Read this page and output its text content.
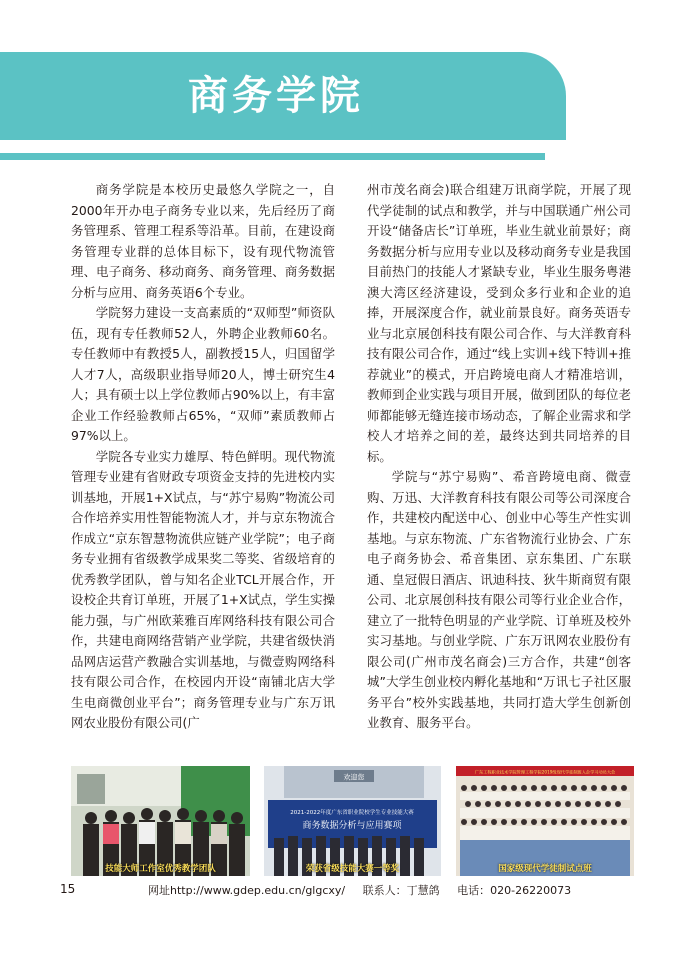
商务学院

商务学院是本校历史最悠久学院之一，自2000年开办电子商务专业以来，先后经历了商务管理系、管理工程系等沿革。目前，在建设商务管理专业群的总体目标下，设有现代物流管理、电子商务、移动商务、商务管理、商务数据分析与应用、商务英语6个专业。

学院努力建设一支高素质的“双师型”师资队伍，现有专任教师52人，外聘企业教师60名。专任教师中有教授5人，副教授15人，归国留学人才7人，高级职业指导师20人，博士研究生4人；具有硕士以上学位教师占90%以上，有丰富企业工作经验教师占65%，“双师”素质教师占97%以上。

学院各专业实力雄厚、特色鲜明。现代物流管理专业建有省财政专项资金支持的先进校内实训基地，开展1+X试点，与“苏宁易购”物流公司合作培养实用性智能物流人才，并与京东物流合作成立“京东智慧物流供应链产业学院”；电子商务专业拥有省级教学成果奖二等奖、省级培育的优秀教学团队，曾与知名企业TCL开展合作，开设校企共育订单班，开展了1+X试点，学生实操能力强，与广州欧莱雅百库网络科技有限公司合作，共建电商网络营销产业学院，共建省级快消品网店运营产教融合实训基地，与微壹购网络科技有限公司合作，在校园内开设“南铺北店大学生电商微创业平台”；商务管理专业与广东万讯网农业股份有限公司(广

州市茂名商会)联合组建万讯商学院，开展了现代学徒制的试点和教学，并与中国联通广州公司开设“储备店长”订单班，毕业生就业前景好；商务数据分析与应用专业以及移动商务专业是我国目前热门的技能人才紧缺专业，毕业生服务粤港澳大湾区经济建设，受到众多行业和企业的追捧，开展深度合作，就业前景良好。商务英语专业与北京展创科技有限公司合作、与大洋教育科技有限公司合作，通过“线上实训+线下特训+推荐就业”的模式，开启跨境电商人才精准培训，教师到企业实践与项目开展，做到团队的每位老师都能够无缝连接市场动态，了解企业需求和学校人才培养之间的差，最终达到共同培养的目标。

学院与“苏宁易购”、希音跨境电商、微壹购、万迅、大洋教育科技有限公司等公司深度合作，共建校内配送中心、创业中心等生产性实训基地。与京东物流、广东省物流行业协会、广东电子商务协会、希音集团、京东集团、广东联通、皇冠假日酒店、讯迪科技、狄牛斯商贸有限公司、北京展创科技有限公司等行业企业合作，建立了一批特色明显的产业学院、订单班及校外实习基地。与创业学院、广东万讯网农业股份有限公司(广州市茂名商会)三方合作，共建“创客城”大学生创业校内孵化基地和“万讯七子社区服务平台”校外实践基地，共同打造大学生创新创业教育、服务平台。

技能大师工作室优秀教学团队
欢迎您
2021-2022年度广东省职业院校学生专业技能大赛
商务数据分析与应用赛项
荣获省级技能大赛一等奖
广东工程职业技术学院管理工程学院2019级现代学徒制班入企学习动员大会
国家级现代学徒制试点班
15	网址http://www.gdep.edu.cn/glgcxy/ 联系人：丁慧鸽 电话：020-26220073
